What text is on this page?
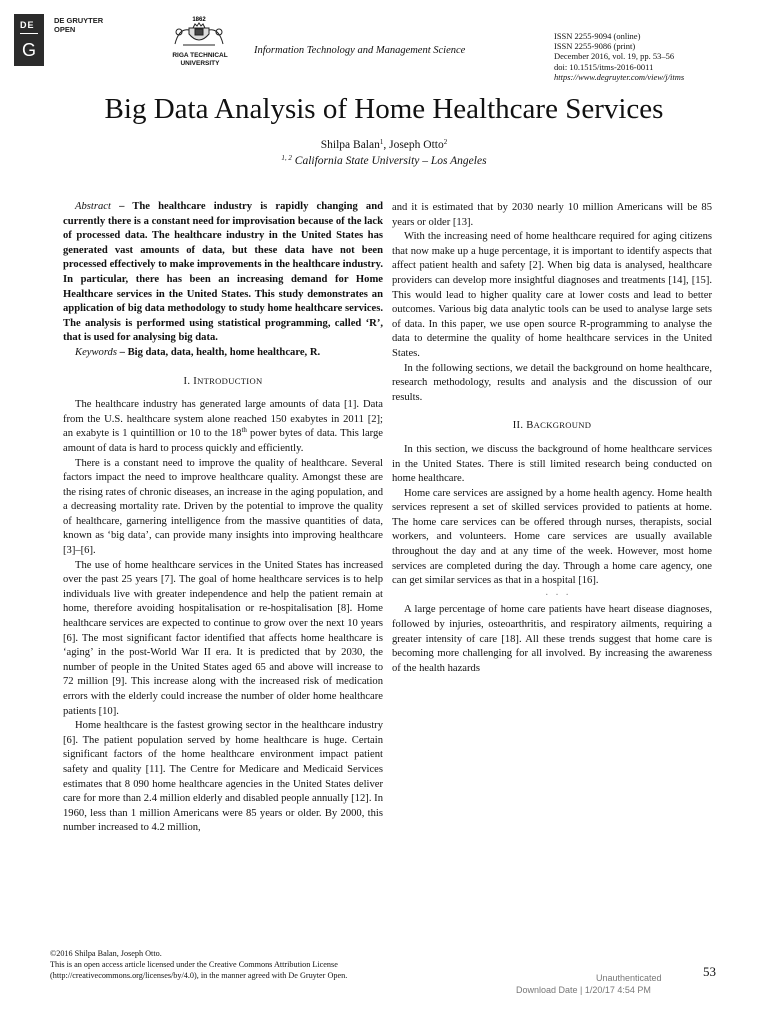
DE
G
DE GRUYTER
OPEN
1862
RIGA TECHNICAL
UNIVERSITY
Information Technology and Management Science
ISSN 2255-9094 (online)
ISSN 2255-9086 (print)
December 2016, vol. 19, pp. 53–56
doi: 10.1515/itms-2016-0011
https://www.degruyter.com/view/j/itms
Big Data Analysis of Home Healthcare Services
Shilpa Balan$^1$, Joseph Otto$^2$
$^{1, 2}$ California State University – Los Angeles

Abstract – The healthcare industry is rapidly changing and currently there is a constant need for improvisation because of the lack of processed data. The healthcare industry in the United States has generated vast amounts of data, but these data have not been processed effectively to make improvements in the healthcare industry. In particular, there has been an increasing demand for Home Healthcare services in the United States. This study demonstrates an application of big data methodology to study home healthcare services. The analysis is performed using statistical programming, called ‘R’, that is used for analysing big data.

Keywords – Big data, data, health, home healthcare, R.

I. INTRODUCTION

The healthcare industry has generated large amounts of data [1]. Data from the U.S. healthcare system alone reached 150 exabytes in 2011 [2]; an exabyte is 1 quintillion or 10 to the 18th power bytes of data. This large amount of data is hard to process quickly and efficiently.

There is a constant need to improve the quality of healthcare. Several factors impact the need to improve healthcare quality. Amongst these are the rising rates of chronic diseases, an increase in the aging population, and a decreasing mortality rate. Driven by the potential to improve the quality of healthcare, garnering intelligence from the massive quantities of data, known as ‘big data’, can provide many insights into improving healthcare [3]–[6].

The use of home healthcare services in the United States has increased over the past 25 years [7]. The goal of home healthcare services is to help individuals live with greater independence and help the patient remain at home, therefore avoiding hospitalisation or re-hospitalisation [8]. Home healthcare services are expected to continue to grow over the next 10 years [6]. The most significant factor identified that affects home healthcare is ‘aging’ in the post-World War II era. It is predicted that by 2030, the number of people in the United States aged 65 and above will increase to 72 million [9]. This increase along with the increased risk of medication errors with the elderly could increase the number of older home healthcare patients [10].

Home healthcare is the fastest growing sector in the healthcare industry [6]. The patient population served by home healthcare is huge. Certain significant factors of the home healthcare environment impact patient safety and quality [11]. The Centre for Medicare and Medicaid Services estimates that 8 090 home healthcare agencies in the United States deliver care for more than 2.4 million elderly and disabled people annually [12]. In 1960, less than 1 million Americans were 85 years or older. By 2000, this number increased to 4.2 million,

and it is estimated that by 2030 nearly 10 million Americans will be 85 years or older [13].

With the increasing need of home healthcare required for aging citizens that now make up a huge percentage, it is important to identify aspects that affect patient health and safety [2]. When big data is analysed, healthcare providers can develop more insightful diagnoses and treatments [14], [15]. This would lead to higher quality care at lower costs and lead to better outcomes. Various big data analytic tools can be used to analyse large sets of data. In this paper, we use open source R-programming to analyse the data to determine the quality of home healthcare services in the United States.

In the following sections, we detail the background on home healthcare, research methodology, results and analysis and the discussion of our results.

II. BACKGROUND

In this section, we discuss the background of home healthcare services in the United States. There is still limited research being conducted on home healthcare.

Home care services are assigned by a home health agency. Home health services represent a set of skilled services provided to patients at home. The home care services can be offered through nurses, therapists, social workers, and volunteers. Home care services are usually available throughout the day and at any time of the week. However, most home services are completed during the day. Through a home care agency, one can get similar services as that in a hospital [16].

· · ·

A large percentage of home care patients have heart disease diagnoses, followed by injuries, osteoarthritis, and respiratory ailments, requiring a greater intensity of care [18]. All these trends suggest that home care is becoming more challenging for all involved. By increasing the awareness of the health hazards

©2016 Shilpa Balan, Joseph Otto.
This is an open access article licensed under the Creative Commons Attribution License
(http://creativecommons.org/licenses/by/4.0), in the manner agreed with De Gruyter Open.	53
Unauthenticated
Download Date | 1/20/17 4:54 PM
